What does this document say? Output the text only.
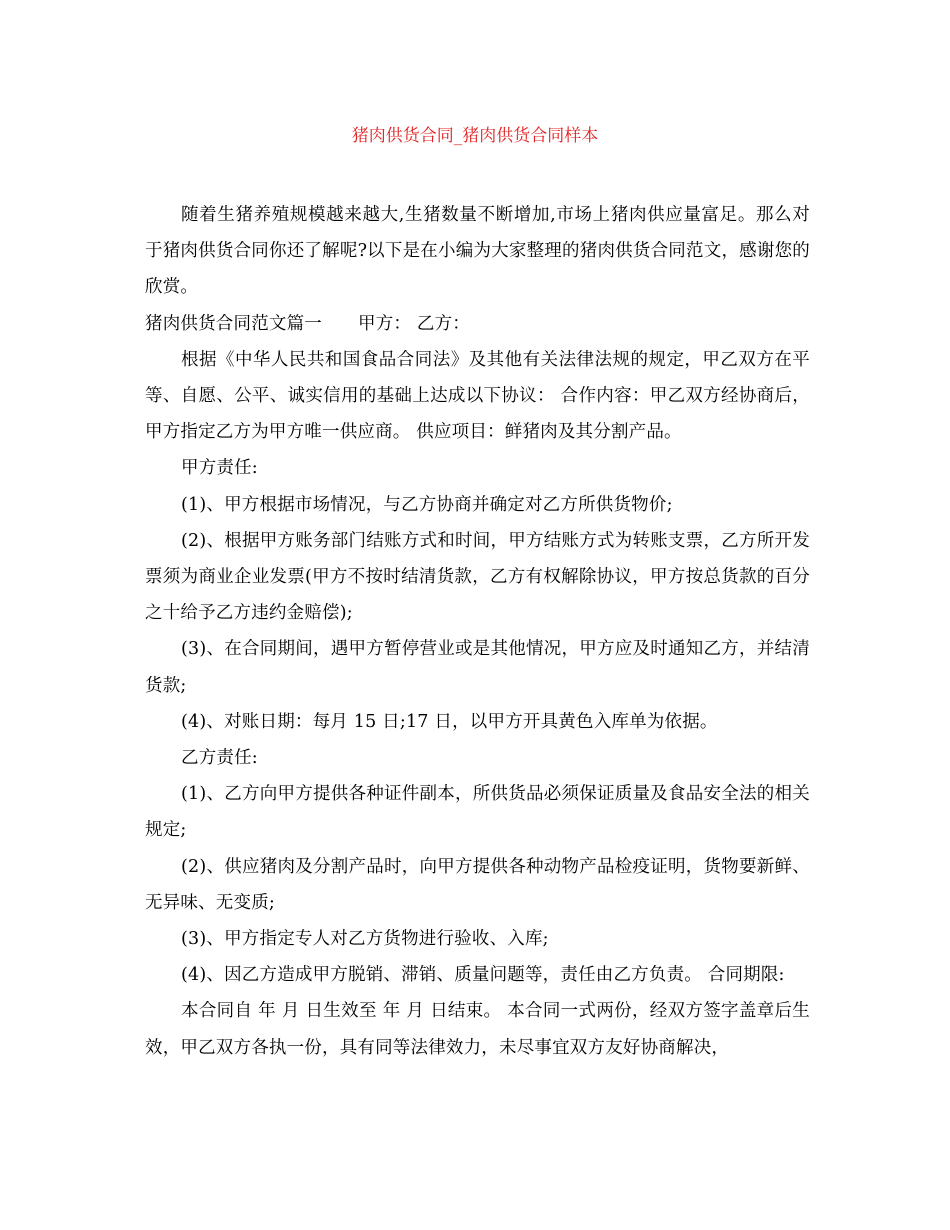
猪肉供货合同_猪肉供货合同样本

随着生猪养殖规模越来越大,生猪数量不断增加,市场上猪肉供应量富足。那么对于猪肉供货合同你还了解呢?以下是在小编为大家整理的猪肉供货合同范文，感谢您的欣赏。

猪肉供货合同范文篇一 甲方： 乙方：

根据《中华人民共和国食品合同法》及其他有关法律法规的规定，甲乙双方在平等、自愿、公平、诚实信用的基础上达成以下协议： 合作内容：甲乙双方经协商后，甲方指定乙方为甲方唯一供应商。 供应项目：鲜猪肉及其分割产品。

甲方责任:

(1)、甲方根据市场情况，与乙方协商并确定对乙方所供货物价;

(2)、根据甲方账务部门结账方式和时间，甲方结账方式为转账支票，乙方所开发票须为商业企业发票(甲方不按时结清货款，乙方有权解除协议，甲方按总货款的百分之十给予乙方违约金赔偿);

(3)、在合同期间，遇甲方暂停营业或是其他情况，甲方应及时通知乙方，并结清货款;

(4)、对账日期：每月 15 日;17 日，以甲方开具黄色入库单为依据。

乙方责任:

(1)、乙方向甲方提供各种证件副本，所供货品必须保证质量及食品安全法的相关规定;

(2)、供应猪肉及分割产品时，向甲方提供各种动物产品检疫证明，货物要新鲜、无异味、无变质;

(3)、甲方指定专人对乙方货物进行验收、入库;

(4)、因乙方造成甲方脱销、滞销、质量问题等，责任由乙方负责。 合同期限:

本合同自 年 月 日生效至 年 月 日结束。 本合同一式两份，经双方签字盖章后生效，甲乙双方各执一份，具有同等法律效力，未尽事宜双方友好协商解决，
